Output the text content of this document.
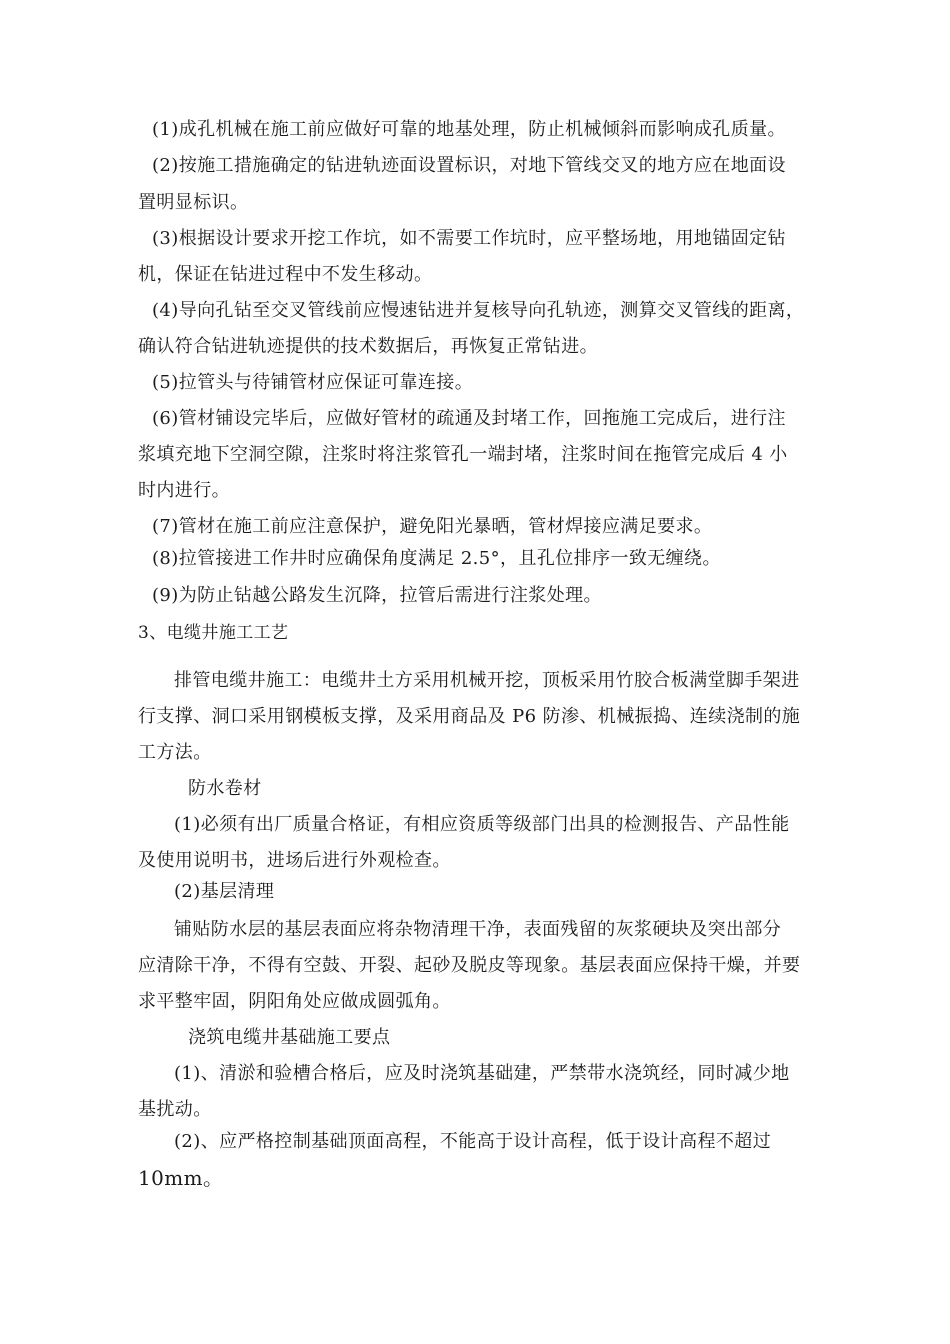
(1)成孔机械在施工前应做好可靠的地基处理，防止机械倾斜而影响成孔质量。
(2)按施工措施确定的钻进轨迹面设置标识，对地下管线交叉的地方应在地面设
置明显标识。
(3)根据设计要求开挖工作坑，如不需要工作坑时，应平整场地，用地锚固定钻
机，保证在钻进过程中不发生移动。
(4)导向孔钻至交叉管线前应慢速钻进并复核导向孔轨迹，测算交叉管线的距离，
确认符合钻进轨迹提供的技术数据后，再恢复正常钻进。
(5)拉管头与待铺管材应保证可靠连接。
(6)管材铺设完毕后，应做好管材的疏通及封堵工作，回拖施工完成后，进行注
浆填充地下空洞空隙，注浆时将注浆管孔一端封堵，注浆时间在拖管完成后 4 小
时内进行。
(7)管材在施工前应注意保护，避免阳光暴晒，管材焊接应满足要求。
(8)拉管接进工作井时应确保角度满足 2.5°，且孔位排序一致无缠绕。
(9)为防止钻越公路发生沉降，拉管后需进行注浆处理。
3、电缆井施工工艺
排管电缆井施工：电缆井土方采用机械开挖，顶板采用竹胶合板满堂脚手架进
行支撑、洞口采用钢模板支撑，及采用商品及 P6 防渗、机械振捣、连续浇制的施
工方法。
防水卷材
(1)必须有出厂质量合格证，有相应资质等级部门出具的检测报告、产品性能
及使用说明书，进场后进行外观检查。
(2)基层清理
铺贴防水层的基层表面应将杂物清理干净，表面残留的灰浆硬块及突出部分
应清除干净，不得有空鼓、开裂、起砂及脱皮等现象。基层表面应保持干燥，并要
求平整牢固，阴阳角处应做成圆弧角。
浇筑电缆井基础施工要点
(1)、清淤和验槽合格后，应及时浇筑基础建，严禁带水浇筑经，同时减少地
基扰动。
(2)、应严格控制基础顶面高程，不能高于设计高程，低于设计高程不超过
10mm。
